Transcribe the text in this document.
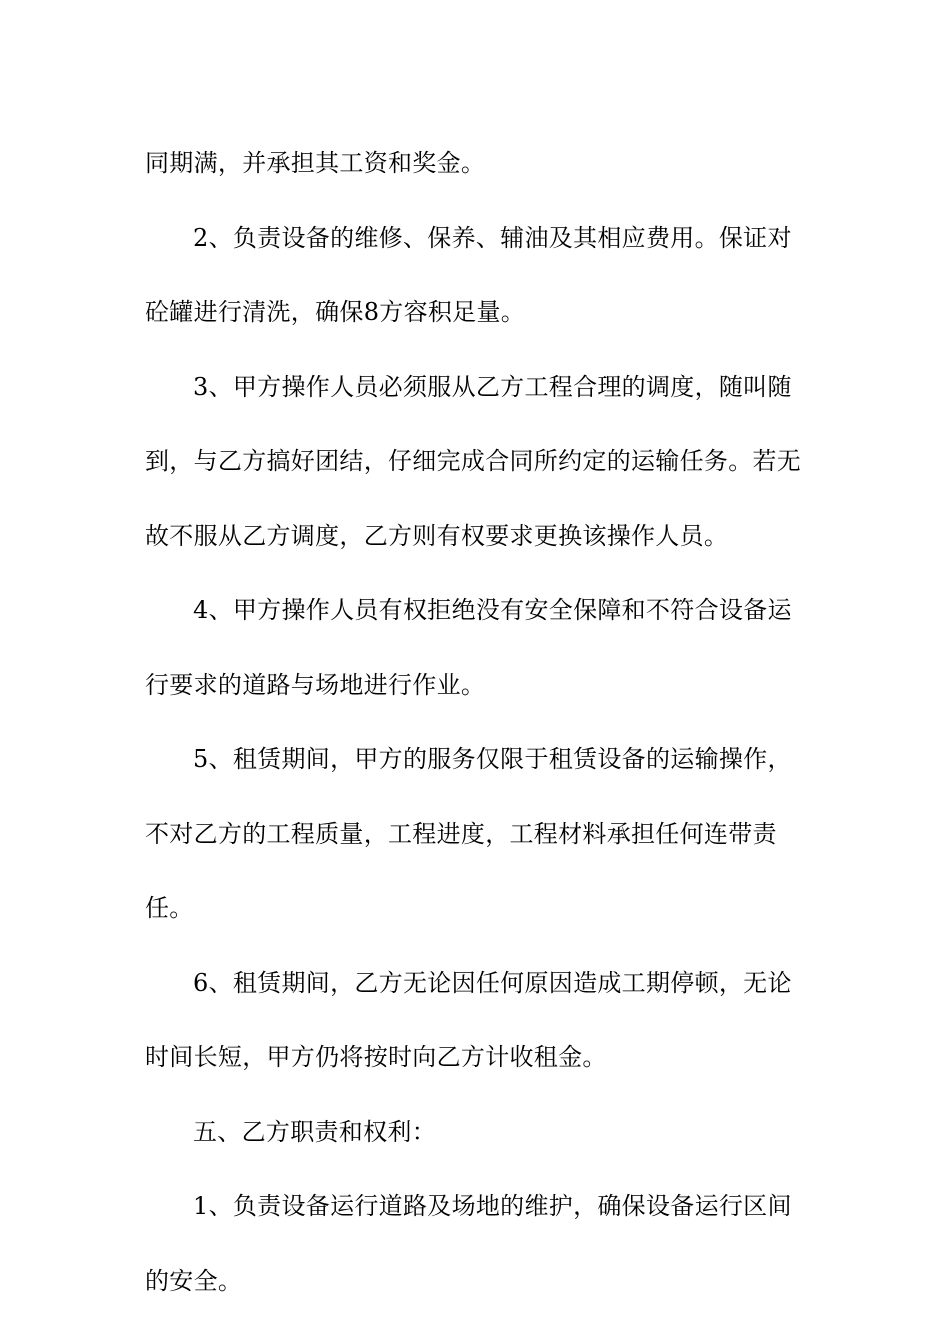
同期满，并承担其工资和奖金。

2、负责设备的维修、保养、辅油及其相应费用。保证对砼罐进行清洗，确保8方容积足量。

3、甲方操作人员必须服从乙方工程合理的调度，随叫随到，与乙方搞好团结，仔细完成合同所约定的运输任务。若无故不服从乙方调度，乙方则有权要求更换该操作人员。

4、甲方操作人员有权拒绝没有安全保障和不符合设备运行要求的道路与场地进行作业。

5、租赁期间，甲方的服务仅限于租赁设备的运输操作，不对乙方的工程质量，工程进度，工程材料承担任何连带责任。

6、租赁期间，乙方无论因任何原因造成工期停顿，无论时间长短，甲方仍将按时向乙方计收租金。

五、乙方职责和权利：

1、负责设备运行道路及场地的维护，确保设备运行区间的安全。
